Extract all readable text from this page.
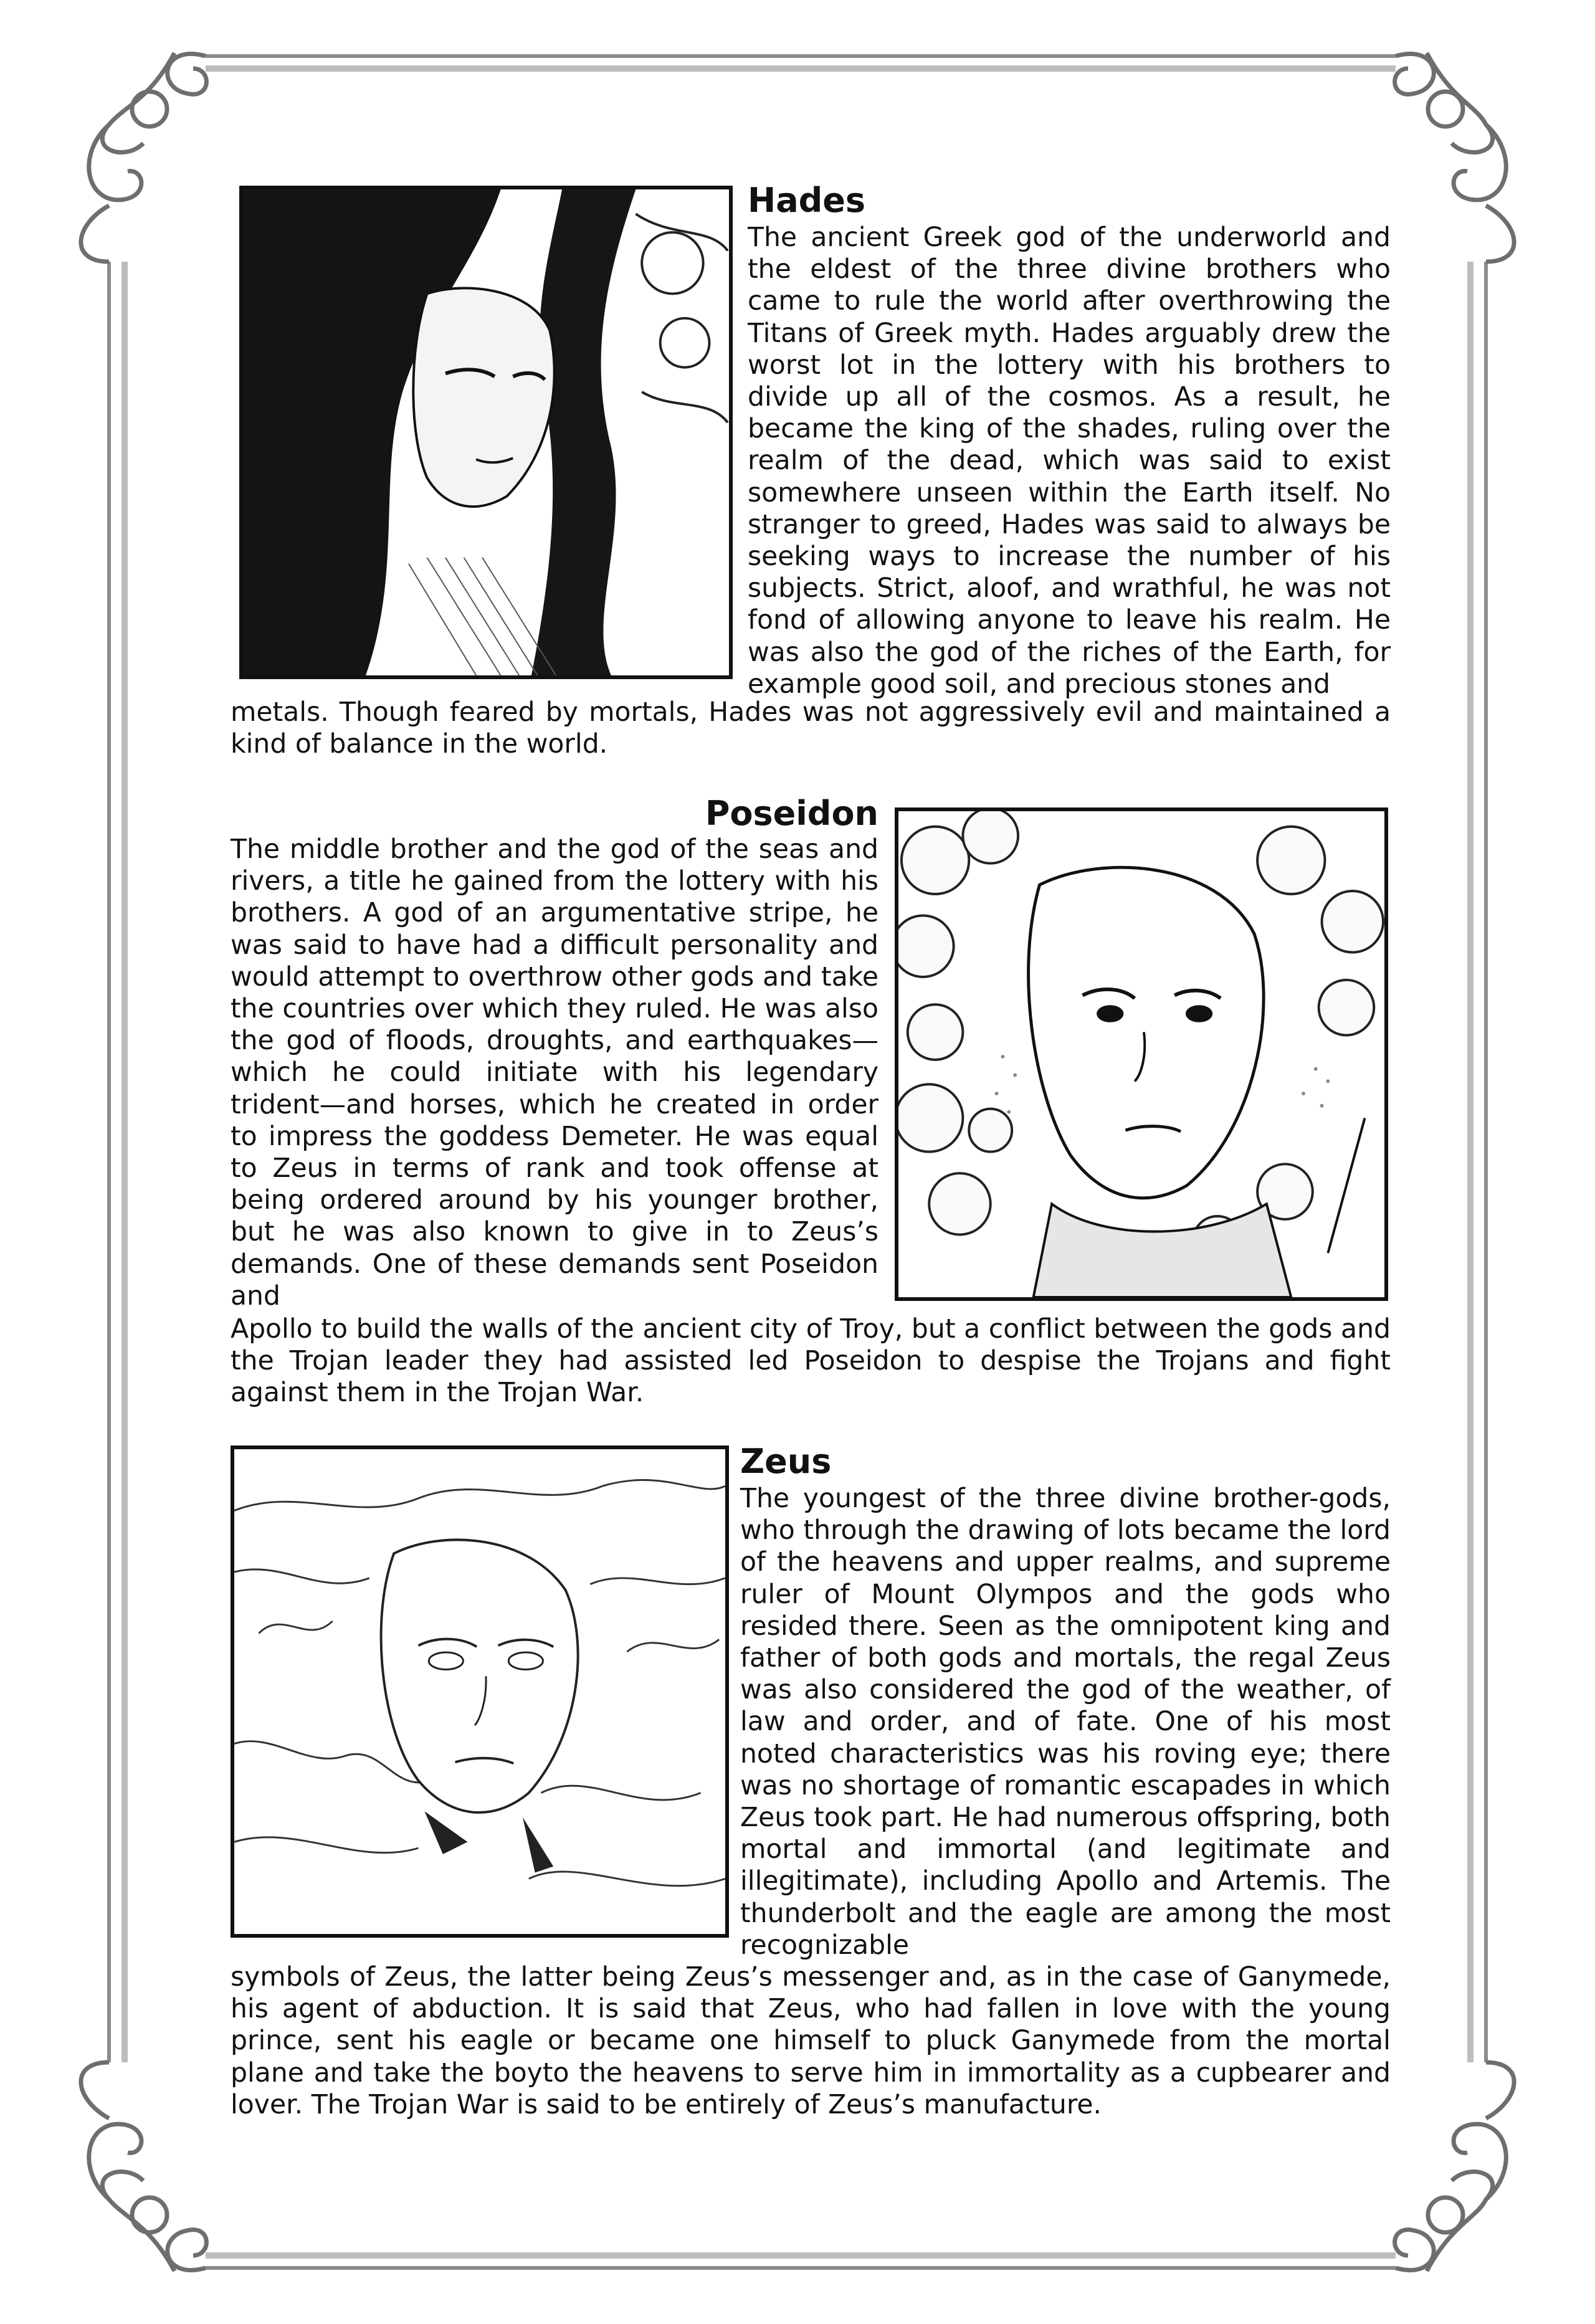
Hades

The ancient Greek god of the underworld and the eldest of the three divine brothers who came to rule the world after overthrowing the Titans of Greek myth. Hades arguably drew the worst lot in the lottery with his brothers to divide up all of the cosmos. As a result, he became the king of the shades, ruling over the realm of the dead, which was said to exist somewhere unseen within the Earth itself. No stranger to greed, Hades was said to always be seeking ways to increase the number of his subjects. Strict, aloof, and wrathful, he was not fond of allowing anyone to leave his realm. He was also the god of the riches of the Earth, for example good soil, and precious stones and

metals. Though feared by mortals, Hades was not aggressively evil and maintained a kind of balance in the world.

Poseidon

The middle brother and the god of the seas and rivers, a title he gained from the lottery with his brothers. A god of an argumentative stripe, he was said to have had a difficult personality and would attempt to overthrow other gods and take the countries over which they ruled. He was also the god of floods, droughts, and earthquakes—which he could initiate with his legendary trident—and horses, which he created in order to impress the goddess Demeter. He was equal to Zeus in terms of rank and took offense at being ordered around by his younger brother, but he was also known to give in to Zeus’s demands. One of these demands sent Poseidon and

Apollo to build the walls of the ancient city of Troy, but a conflict between the gods and the Trojan leader they had assisted led Poseidon to despise the Trojans and fight against them in the Trojan War.

Zeus

The youngest of the three divine brother-gods, who through the drawing of lots became the lord of the heavens and upper realms, and supreme ruler of Mount Olympos and the gods who resided there. Seen as the omnipotent king and father of both gods and mortals, the regal Zeus was also considered the god of the weather, of law and order, and of fate. One of his most noted characteristics was his roving eye; there was no shortage of romantic escapades in which Zeus took part. He had numerous offspring, both mortal and immortal (and legitimate and illegitimate), including Apollo and Artemis. The thunderbolt and the eagle are among the most recognizable

symbols of Zeus, the latter being Zeus’s messenger and, as in the case of Ganymede, his agent of abduction. It is said that Zeus, who had fallen in love with the young prince, sent his eagle or became one himself to pluck Ganymede from the mortal plane and take the boyto the heavens to serve him in immortality as a cupbearer and lover. The Trojan War is said to be entirely of Zeus’s manufacture.
